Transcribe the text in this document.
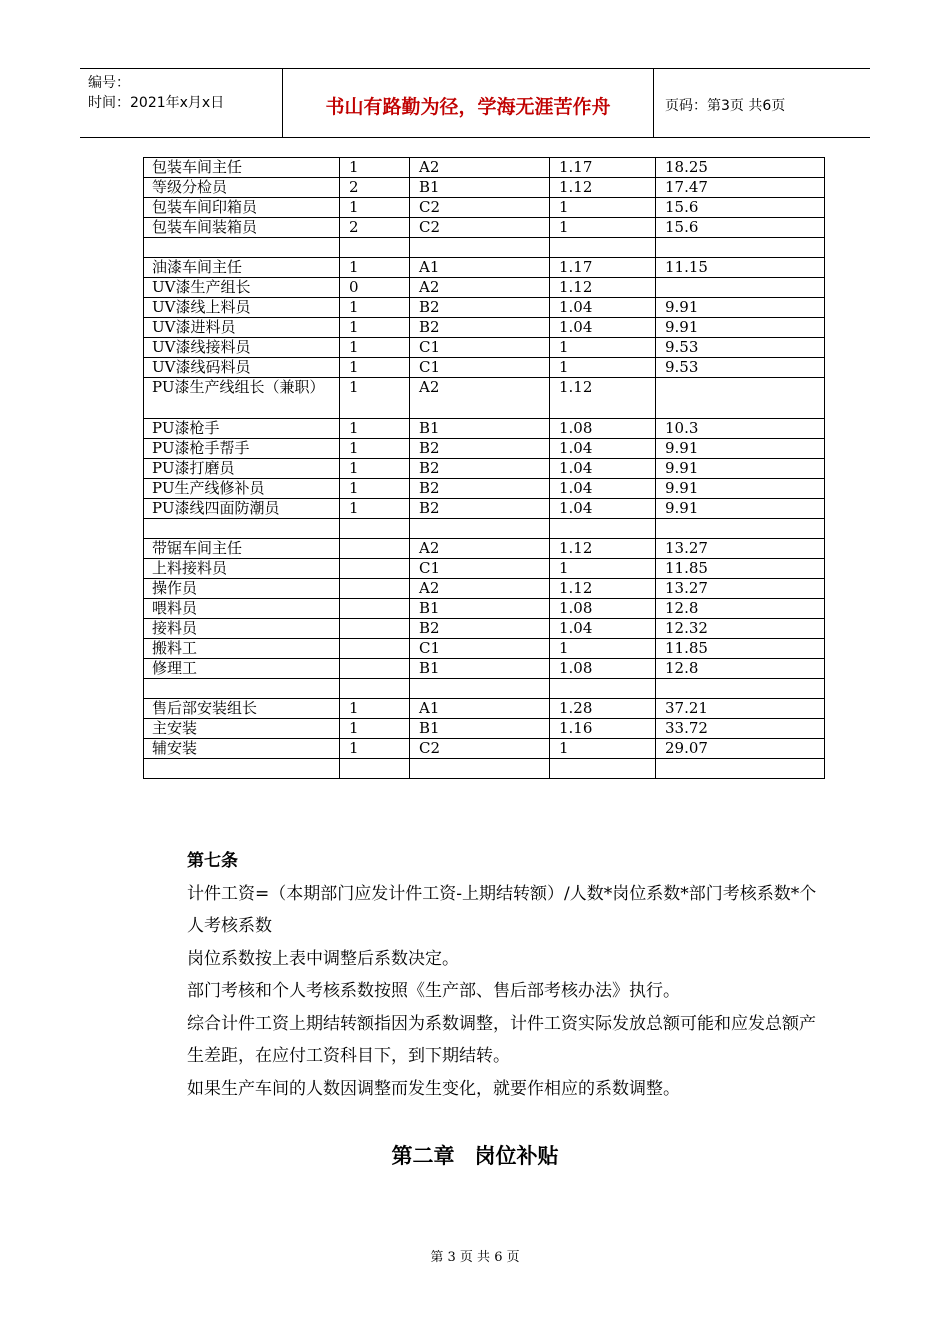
编号：
时间：2021年x月x日	书山有路勤为径，学海无涯苦作舟	页码：第3页 共6页
包装车间主任	1	A2	1.17	18.25
等级分检员	2	B1	1.12	17.47
包装车间印箱员	1	C2	1	15.6
包装车间装箱员	2	C2	1	15.6

油漆车间主任	1	A1	1.17	11.15
UV漆生产组长	0	A2	1.12	
UV漆线上料员	1	B2	1.04	9.91
UV漆进料员	1	B2	1.04	9.91
UV漆线接料员	1	C1	1	9.53
UV漆线码料员	1	C1	1	9.53
PU漆生产线组长（兼职）	1	A2	1.12	
PU漆枪手	1	B1	1.08	10.3
PU漆枪手帮手	1	B2	1.04	9.91
PU漆打磨员	1	B2	1.04	9.91
PU生产线修补员	1	B2	1.04	9.91
PU漆线四面防潮员	1	B2	1.04	9.91

带锯车间主任		A2	1.12	13.27
上料接料员		C1	1	11.85
操作员		A2	1.12	13.27
喂料员		B1	1.08	12.8
接料员		B2	1.04	12.32
搬料工		C1	1	11.85
修理工		B1	1.08	12.8

售后部安装组长	1	A1	1.28	37.21
主安装	1	B1	1.16	33.72
辅安装	1	C2	1	29.07

第七条
计件工资=（本期部门应发计件工资-上期结转额）/人数*岗位系数*部门考核系数*个人考核系数
岗位系数按上表中调整后系数决定。
部门考核和个人考核系数按照《生产部、售后部考核办法》执行。
综合计件工资上期结转额指因为系数调整，计件工资实际发放总额可能和应发总额产生差距，在应付工资科目下，到下期结转。
如果生产车间的人数因调整而发生变化，就要作相应的系数调整。
第二章 岗位补贴
第 3 页 共 6 页
